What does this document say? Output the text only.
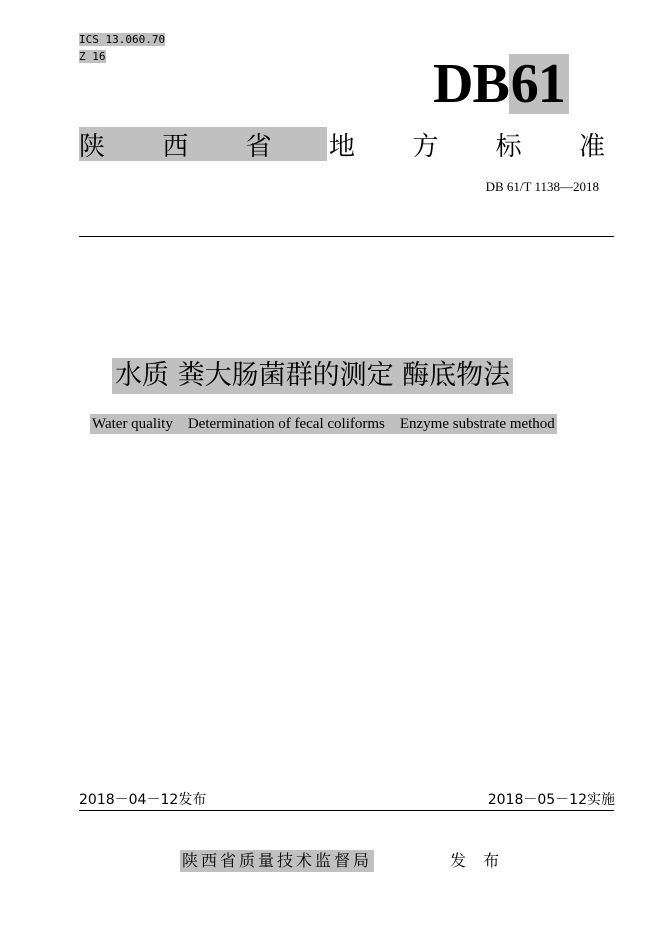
ICS 13.060.70
Z 16	DB61
陕 西 省 地 方 标 准
DB 61/T 1138—2018
水质 粪大肠菌群的测定 酶底物法
Water quality    Determination of fecal coliforms    Enzyme substrate method
2018－04－12发布	2018－05－12实施
陕西省质量技术监督局	发 布
